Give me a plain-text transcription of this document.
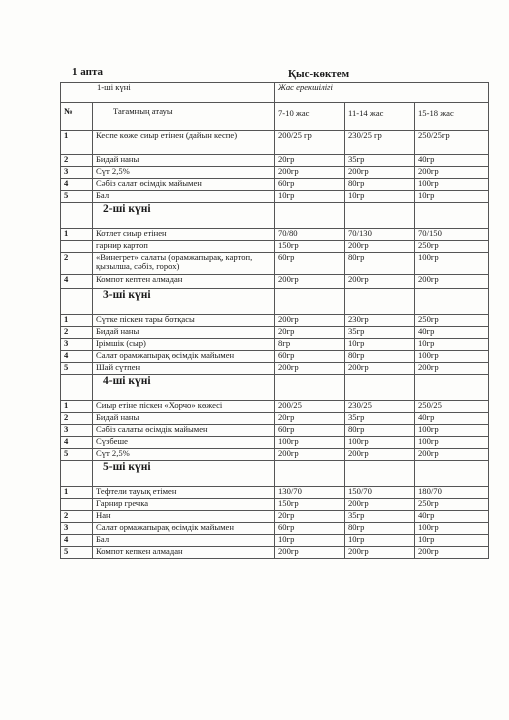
1 апта	Қыс-көктем
1-ші күні		Жас ерекшілігі		
№	Тағамның атауы	7-10 жас	11-14 жас	15-18 жас
1	Кеспе көже сиыр етінен (дайын кеспе)	200/25 гр	230/25 гр	250/25гр
2	Бидай наны	20гр	35гр	40гр
3	Сүт 2,5%	200гр	200гр	200гр
4	Сәбіз салат өсімдік майымен	60гр	80гр	100гр
5	Бал	10гр	10гр	10гр
	2-ші күні			
1	Котлет сиыр етінен	70/80	70/130	70/150
	гарнир картоп	150гр	200гр	250гр
2	«Винегрет» салаты (орамжапырақ, картоп, қызылша, сәбіз, горох)	60гр	80гр	100гр
4	Компот кептен алмадан	200гр	200гр	200гр
	3-ші күні			
1	Сүтке піскен тары ботқасы	200гр	230гр	250гр
2	Бидай наны	20гр	35гр	40гр
3	Ірімшік (сыр)	8гр	10гр	10гр
4	Салат орамжапырақ өсімдік майымен	60гр	80гр	100гр
5	Шай сүтпен	200гр	200гр	200гр
	4-ші күні			
1	Сиыр етіне піскен «Хорчо» көжесі	200/25	230/25	250/25
2	Бидай наны	20гр	35гр	40гр
3	Сәбіз салаты өсімдік майымен	60гр	80гр	100гр
4	Сүзбеше	100гр	100гр	100гр
5	Сүт 2,5%	200гр	200гр	200гр
	5-ші күні			
1	Тефтели тауық етімен	130/70	150/70	180/70
	Гарнир гречка	150гр	200гр	250гр
2	Нан	20гр	35гр	40гр
3	Салат ормажапырақ өсімдік майымен	60гр	80гр	100гр
4	Бал	10гр	10гр	10гр
5	Компот кепкен алмадан	200гр	200гр	200гр
